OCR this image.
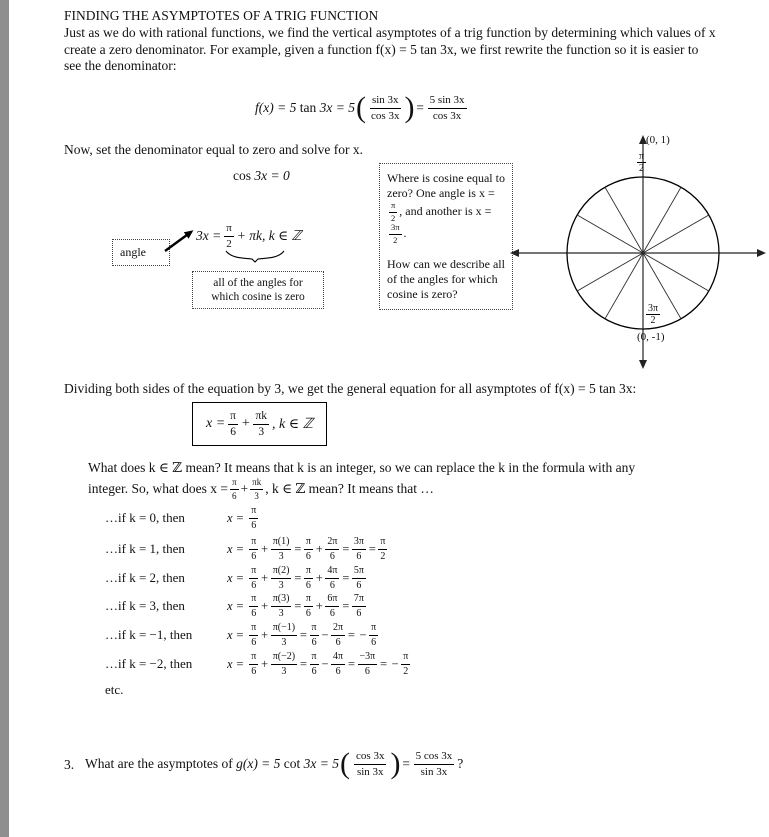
FINDING THE ASYMPTOTES OF A TRIG FUNCTION
Just as we do with rational functions, we find the vertical asymptotes of a trig function by determining which values of x create a zero denominator. For example, given a function f(x) = 5 tan 3x, we first rewrite the function so it is easier to see the denominator:
f(x) = 5 tan 3x = 5 ( $\frac{\sin 3x}{\cos 3x}$ ) = $\frac{5 \sin 3x}{\cos 3x}$
Now, set the denominator equal to zero and solve for x.
cos 3x = 0
angle
$3x = \frac{\pi}{2} + \pi k$, k ∈ ℤ
all of the angles for which cosine is zero
Where is cosine equal to zero? One angle is x =
$\frac{\pi}{2}$ , and another is x =
$\frac{3\pi}{2}$ .
How can we describe all of the angles for which cosine is zero?
(0, 1)
$\frac{\pi}{2}$
$\frac{3\pi}{2}$
(0, -1)
Dividing both sides of the equation by 3, we get the general equation for all asymptotes of f(x) = 5 tan 3x:
$x = \frac{\pi}{6} + \frac{\pi k}{3}$ , k ∈ ℤ
What does k ∈ ℤ mean? It means that k is an integer, so we can replace the k in the formula with any
integer. So, what does $x = \frac{\pi}{6} + \frac{\pi k}{3}$ , k ∈ ℤ mean? It means that …
…if k = 0, then	$x = \frac{\pi}{6}$
…if k = 1, then	$x = \frac{\pi}{6} + \frac{\pi(1)}{3} = \frac{\pi}{6} + \frac{2\pi}{6} = \frac{3\pi}{6} = \frac{\pi}{2}$
…if k = 2, then	$x = \frac{\pi}{6} + \frac{\pi(2)}{3} = \frac{\pi}{6} + \frac{4\pi}{6} = \frac{5\pi}{6}$
…if k = 3, then	$x = \frac{\pi}{6} + \frac{\pi(3)}{3} = \frac{\pi}{6} + \frac{6\pi}{6} = \frac{7\pi}{6}$
…if k = −1, then	$x = \frac{\pi}{6} + \frac{\pi(-1)}{3} = \frac{\pi}{6} - \frac{2\pi}{6}$ = − $\frac{\pi}{6}$
…if k = −2, then	$x = \frac{\pi}{6} + \frac{\pi(-2)}{3} = \frac{\pi}{6} - \frac{4\pi}{6} = \frac{-3\pi}{6}$ = − $\frac{\pi}{2}$
etc.
3. What are the asymptotes of g(x) = 5 cot 3x = 5 ( $\frac{\cos 3x}{\sin 3x}$ ) = $\frac{5 \cos 3x}{\sin 3x}$ ?
